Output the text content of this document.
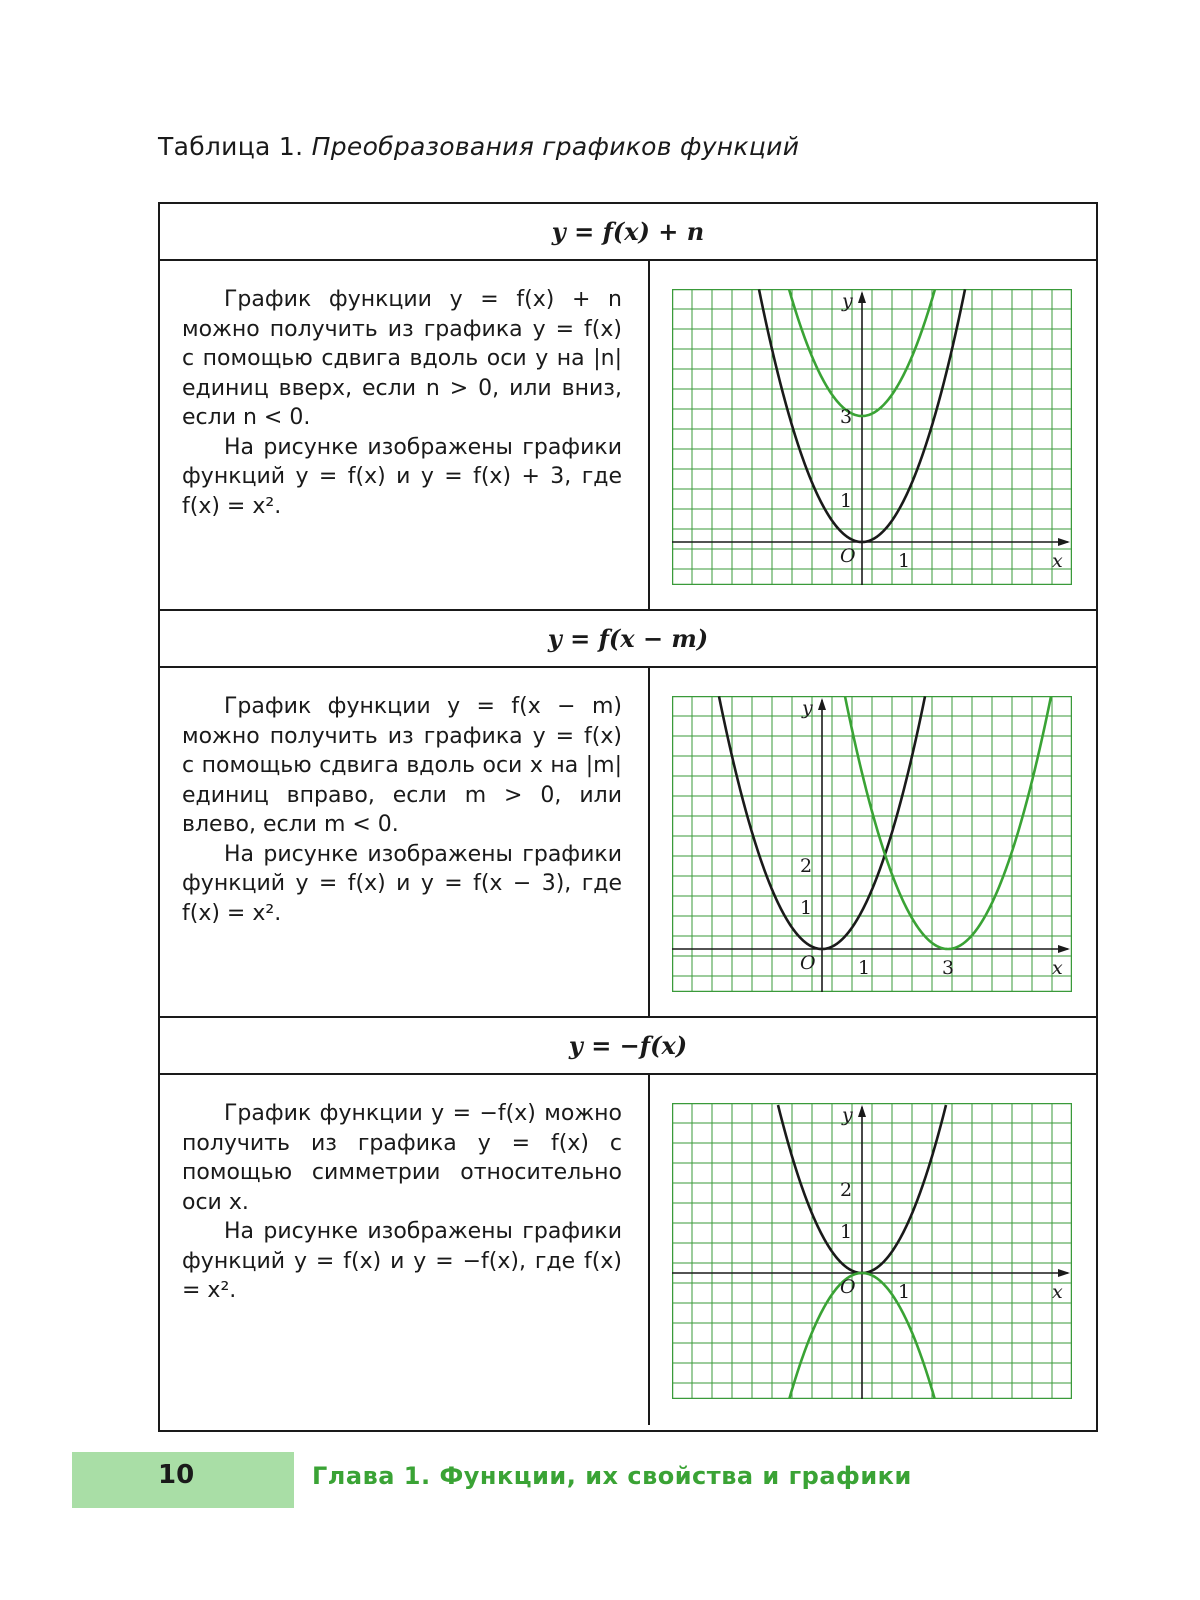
Таблица 1. Преобразования графиков функций
y = f(x) + n

График функции y = f(x) + n можно получить из графика y = f(x) с помощью сдвига вдоль оси y на |n| единиц вверх, если n > 0, или вниз, если n < 0.

На рисунке изображены графики функций y = f(x) и y = f(x) + 3, где f(x) = x².

y
x
O 1
1
3
y = f(x − m)

График функции y = f(x − m) можно получить из графика y = f(x) с помощью сдвига вдоль оси x на |m| единиц вправо, если m > 0, или влево, если m < 0.

На рисунке изображены графики функций y = f(x) и y = f(x − 3), где f(x) = x².

y
x
O 1	3
1
2
y = −f(x)

График функции y = −f(x) можно получить из графика y = f(x) с помощью симметрии относительно оси x.

На рисунке изображены графики функций y = f(x) и y = −f(x), где f(x) = x².

y
x
O 1
1
2
10	Глава 1. Функции, их свойства и графики
